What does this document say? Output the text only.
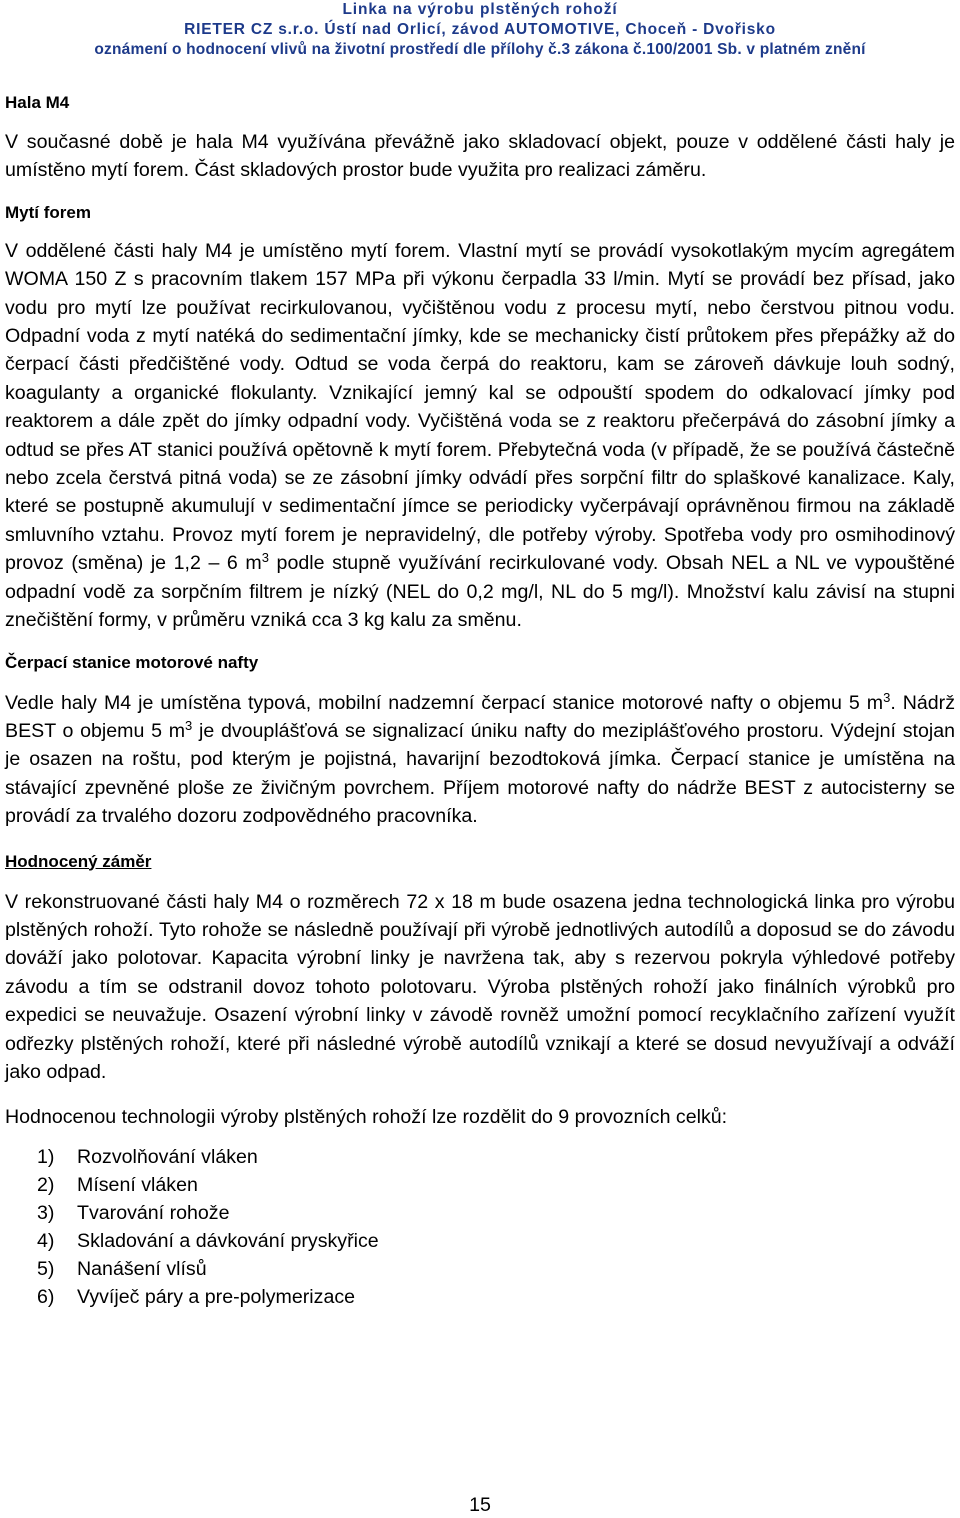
Linka na výrobu plstěných rohoží
RIETER CZ s.r.o. Ústí nad Orlicí, závod AUTOMOTIVE, Choceň - Dvořisko
oznámení o hodnocení vlivů na životní prostředí dle přílohy č.3 zákona č.100/2001 Sb. v platném znění
Hala M4

V současné době je hala M4 využívána převážně jako skladovací objekt, pouze v oddělené části haly je umístěno mytí forem. Část skladových prostor bude využita pro realizaci záměru.

Mytí forem

V oddělené části haly M4 je umístěno mytí forem. Vlastní mytí se provádí vysokotlakým mycím agregátem WOMA 150 Z s pracovním tlakem 157 MPa při výkonu čerpadla 33 l/min. Mytí se provádí bez přísad, jako vodu pro mytí lze používat recirkulovanou, vyčištěnou vodu z procesu mytí, nebo čerstvou pitnou vodu. Odpadní voda z mytí natéká do sedimentační jímky, kde se mechanicky čistí průtokem přes přepážky až do čerpací části předčištěné vody. Odtud se voda čerpá do reaktoru, kam se zároveň dávkuje louh sodný, koagulanty a organické flokulanty. Vznikající jemný kal se odpouští spodem do odkalovací jímky pod reaktorem a dále zpět do jímky odpadní vody. Vyčištěná voda se z reaktoru přečerpává do zásobní jímky a odtud se přes AT stanici používá opětovně k mytí forem. Přebytečná voda (v případě, že se používá částečně nebo zcela čerstvá pitná voda) se ze zásobní jímky odvádí přes sorpční filtr do splaškové kanalizace. Kaly, které se postupně akumulují v sedimentační jímce se periodicky vyčerpávají oprávněnou firmou na základě smluvního vztahu. Provoz mytí forem je nepravidelný, dle potřeby výroby. Spotřeba vody pro osmihodinový provoz (směna) je 1,2 – 6 $m^3$ podle stupně využívání recirkulované vody. Obsah NEL a NL ve vypouštěné odpadní vodě za sorpčním filtrem je nízký (NEL do 0,2 mg/l, NL do 5 mg/l). Množství kalu závisí na stupni znečištění formy, v průměru vzniká cca 3 kg kalu za směnu.

Čerpací stanice motorové nafty

Vedle haly M4 je umístěna typová, mobilní nadzemní čerpací stanice motorové nafty o objemu 5 $m^3$. Nádrž BEST o objemu 5 $m^3$ je dvouplášťová se signalizací úniku nafty do meziplášťového prostoru. Výdejní stojan je osazen na roštu, pod kterým je pojistná, havarijní bezodtoková jímka. Čerpací stanice je umístěna na stávající zpevněné ploše ze živičným povrchem. Příjem motorové nafty do nádrže BEST z autocisterny se provádí za trvalého dozoru zodpovědného pracovníka.

Hodnocený záměr

V rekonstruované části haly M4 o rozměrech 72 x 18 m bude osazena jedna technologická linka pro výrobu plstěných rohoží. Tyto rohože se následně používají při výrobě jednotlivých autodílů a doposud se do závodu dováží jako polotovar. Kapacita výrobní linky je navržena tak, aby s rezervou pokryla výhledové potřeby závodu a tím se odstranil dovoz tohoto polotovaru. Výroba plstěných rohoží jako finálních výrobků pro expedici se neuvažuje. Osazení výrobní linky v závodě rovněž umožní pomocí recyklačního zařízení využít odřezky plstěných rohoží, které při následné výrobě autodílů vznikají a které se dosud nevyužívají a odváží jako odpad.

Hodnocenou technologii výroby plstěných rohoží lze rozdělit do 9 provozních celků:

1) Rozvolňování vláken
2) Mísení vláken
3) Tvarování rohože
4) Skladování a dávkování pryskyřice
5) Nanášení vlísů
6) Vyvíječ páry a pre-polymerizace
15
